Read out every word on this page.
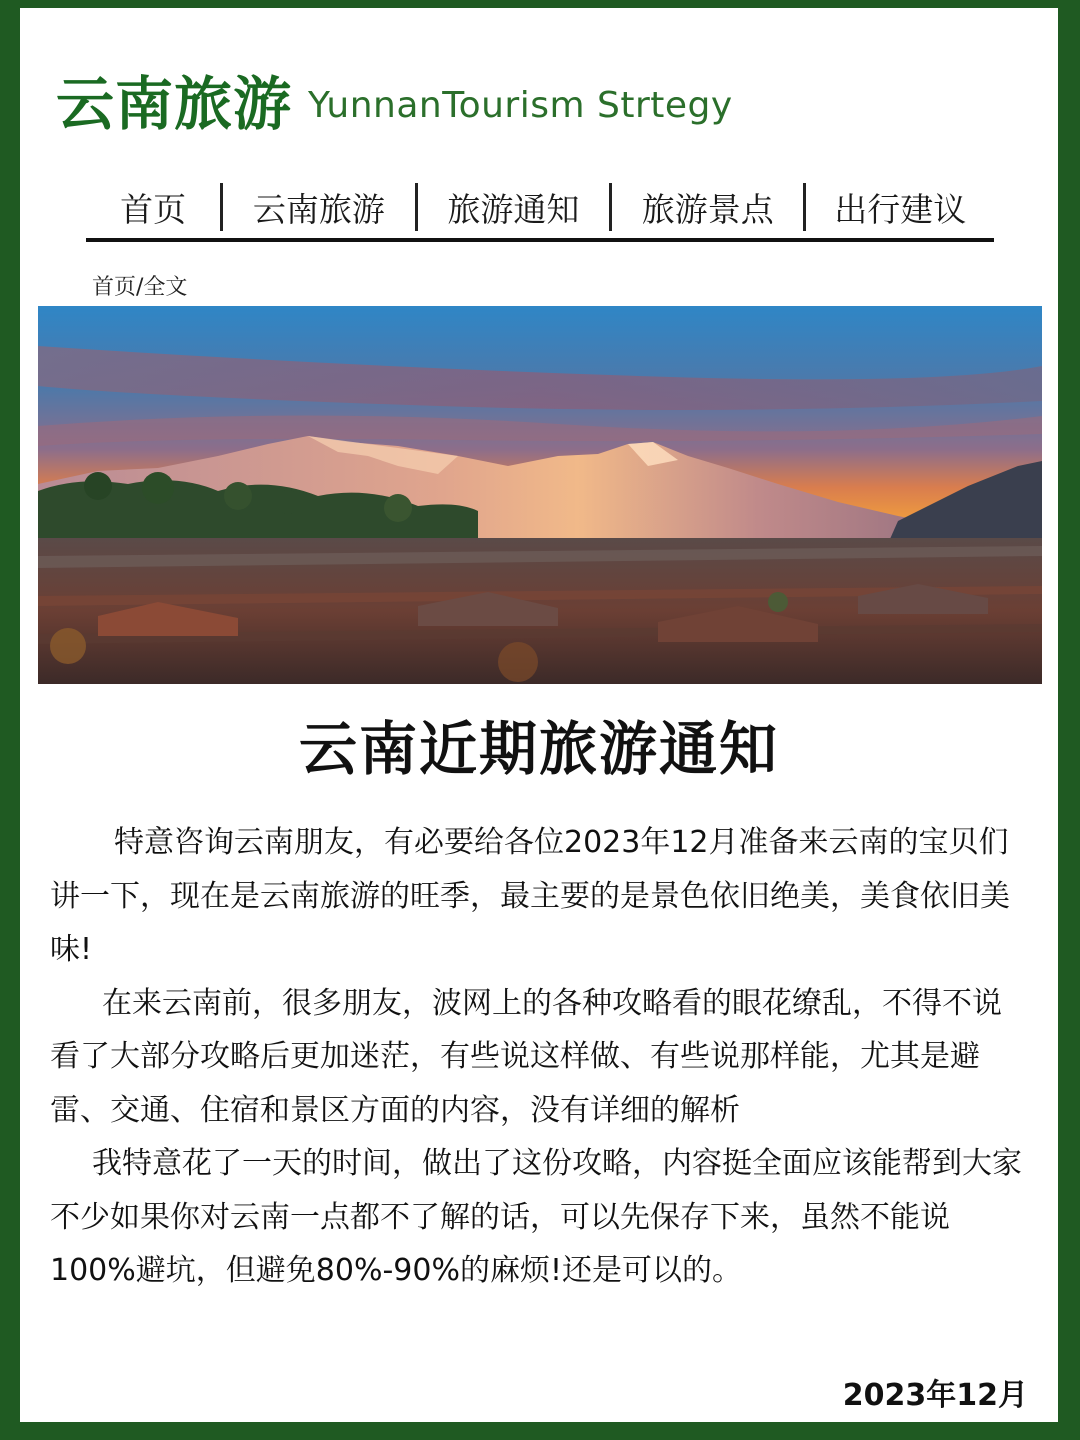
云南旅游 YunnanTourism Strtegy
首页	云南旅游	旅游通知	旅游景点	出行建议
首页/全文
云南近期旅游通知

特意咨询云南朋友，有必要给各位2023年12月准备来云南的宝贝们讲一下，现在是云南旅游的旺季，最主要的是景色依旧绝美，美食依旧美味!

在来云南前，很多朋友，波网上的各种攻略看的眼花缭乱，不得不说看了大部分攻略后更加迷茫，有些说这样做、有些说那样能，尤其是避雷、交通、住宿和景区方面的内容，没有详细的解析

我特意花了一天的时间，做出了这份攻略，内容挺全面应该能帮到大家不少如果你对云南一点都不了解的话，可以先保存下来，虽然不能说100%避坑，但避免80%-90%的麻烦!还是可以的。

2023年12月
